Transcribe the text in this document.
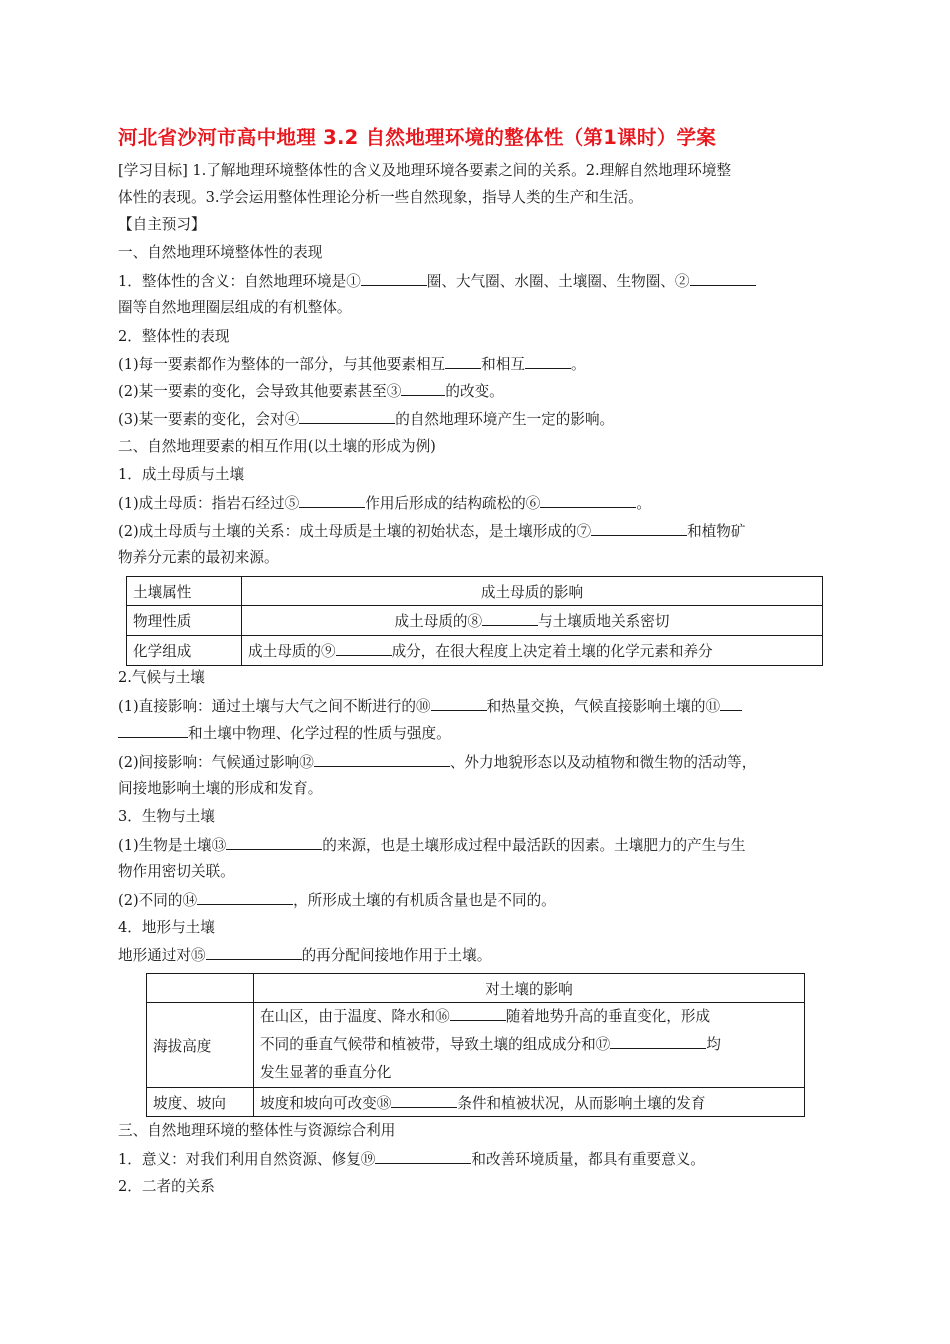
河北省沙河市高中地理 3.2 自然地理环境的整体性（第1课时）学案
[学习目标] 1.了解地理环境整体性的含义及地理环境各要素之间的关系。2.理解自然地理环境整
体性的表现。3.学会运用整体性理论分析一些自然现象，指导人类的生产和生活。
【自主预习】
一、自然地理环境整体性的表现
1．整体性的含义：自然地理环境是①	圈、大气圈、水圈、土壤圈、生物圈、②
圈等自然地理圈层组成的有机整体。
2．整体性的表现
(1)每一要素都作为整体的一部分，与其他要素相互 和相互	。
(2)某一要素的变化，会导致其他要素甚至③	的改变。
(3)某一要素的变化，会对④	的自然地理环境产生一定的影响。
二、自然地理要素的相互作用(以土壤的形成为例)
1．成土母质与土壤
(1)成土母质：指岩石经过⑤	作用后形成的结构疏松的⑥	。
(2)成土母质与土壤的关系：成土母质是土壤的初始状态，是土壤形成的⑦	和植物矿
物养分元素的最初来源。
土壤属性	成土母质的影响
物理性质	成土母质的⑧ 与土壤质地关系密切
化学组成	成土母质的⑨ 成分，在很大程度上决定着土壤的化学元素和养分
2.气候与土壤
(1)直接影响：通过土壤与大气之间不断进行的⑩	和热量交换，气候直接影响土壤的⑪
和土壤中物理、化学过程的性质与强度。
(2)间接影响：气候通过影响⑫	、外力地貌形态以及动植物和微生物的活动等，
间接地影响土壤的形成和发育。
3．生物与土壤
(1)生物是土壤⑬	的来源，也是土壤形成过程中最活跃的因素。土壤肥力的产生与生
物作用密切关联。
(2)不同的⑭	，所形成土壤的有机质含量也是不同的。
4．地形与土壤
地形通过对⑮	的再分配间接地作用于土壤。
	对土壤的影响
海拔高度	在山区，由于温度、降水和⑯ 随着地势升高的垂直变化，形成
不同的垂直气候带和植被带，导致土壤的组成成分和⑰ 均
发生显著的垂直分化

坡度、坡向	坡度和坡向可改变⑱ 条件和植被状况，从而影响土壤的发育
三、自然地理环境的整体性与资源综合利用
1．意义：对我们利用自然资源、修复⑲	和改善环境质量，都具有重要意义。
2．二者的关系
